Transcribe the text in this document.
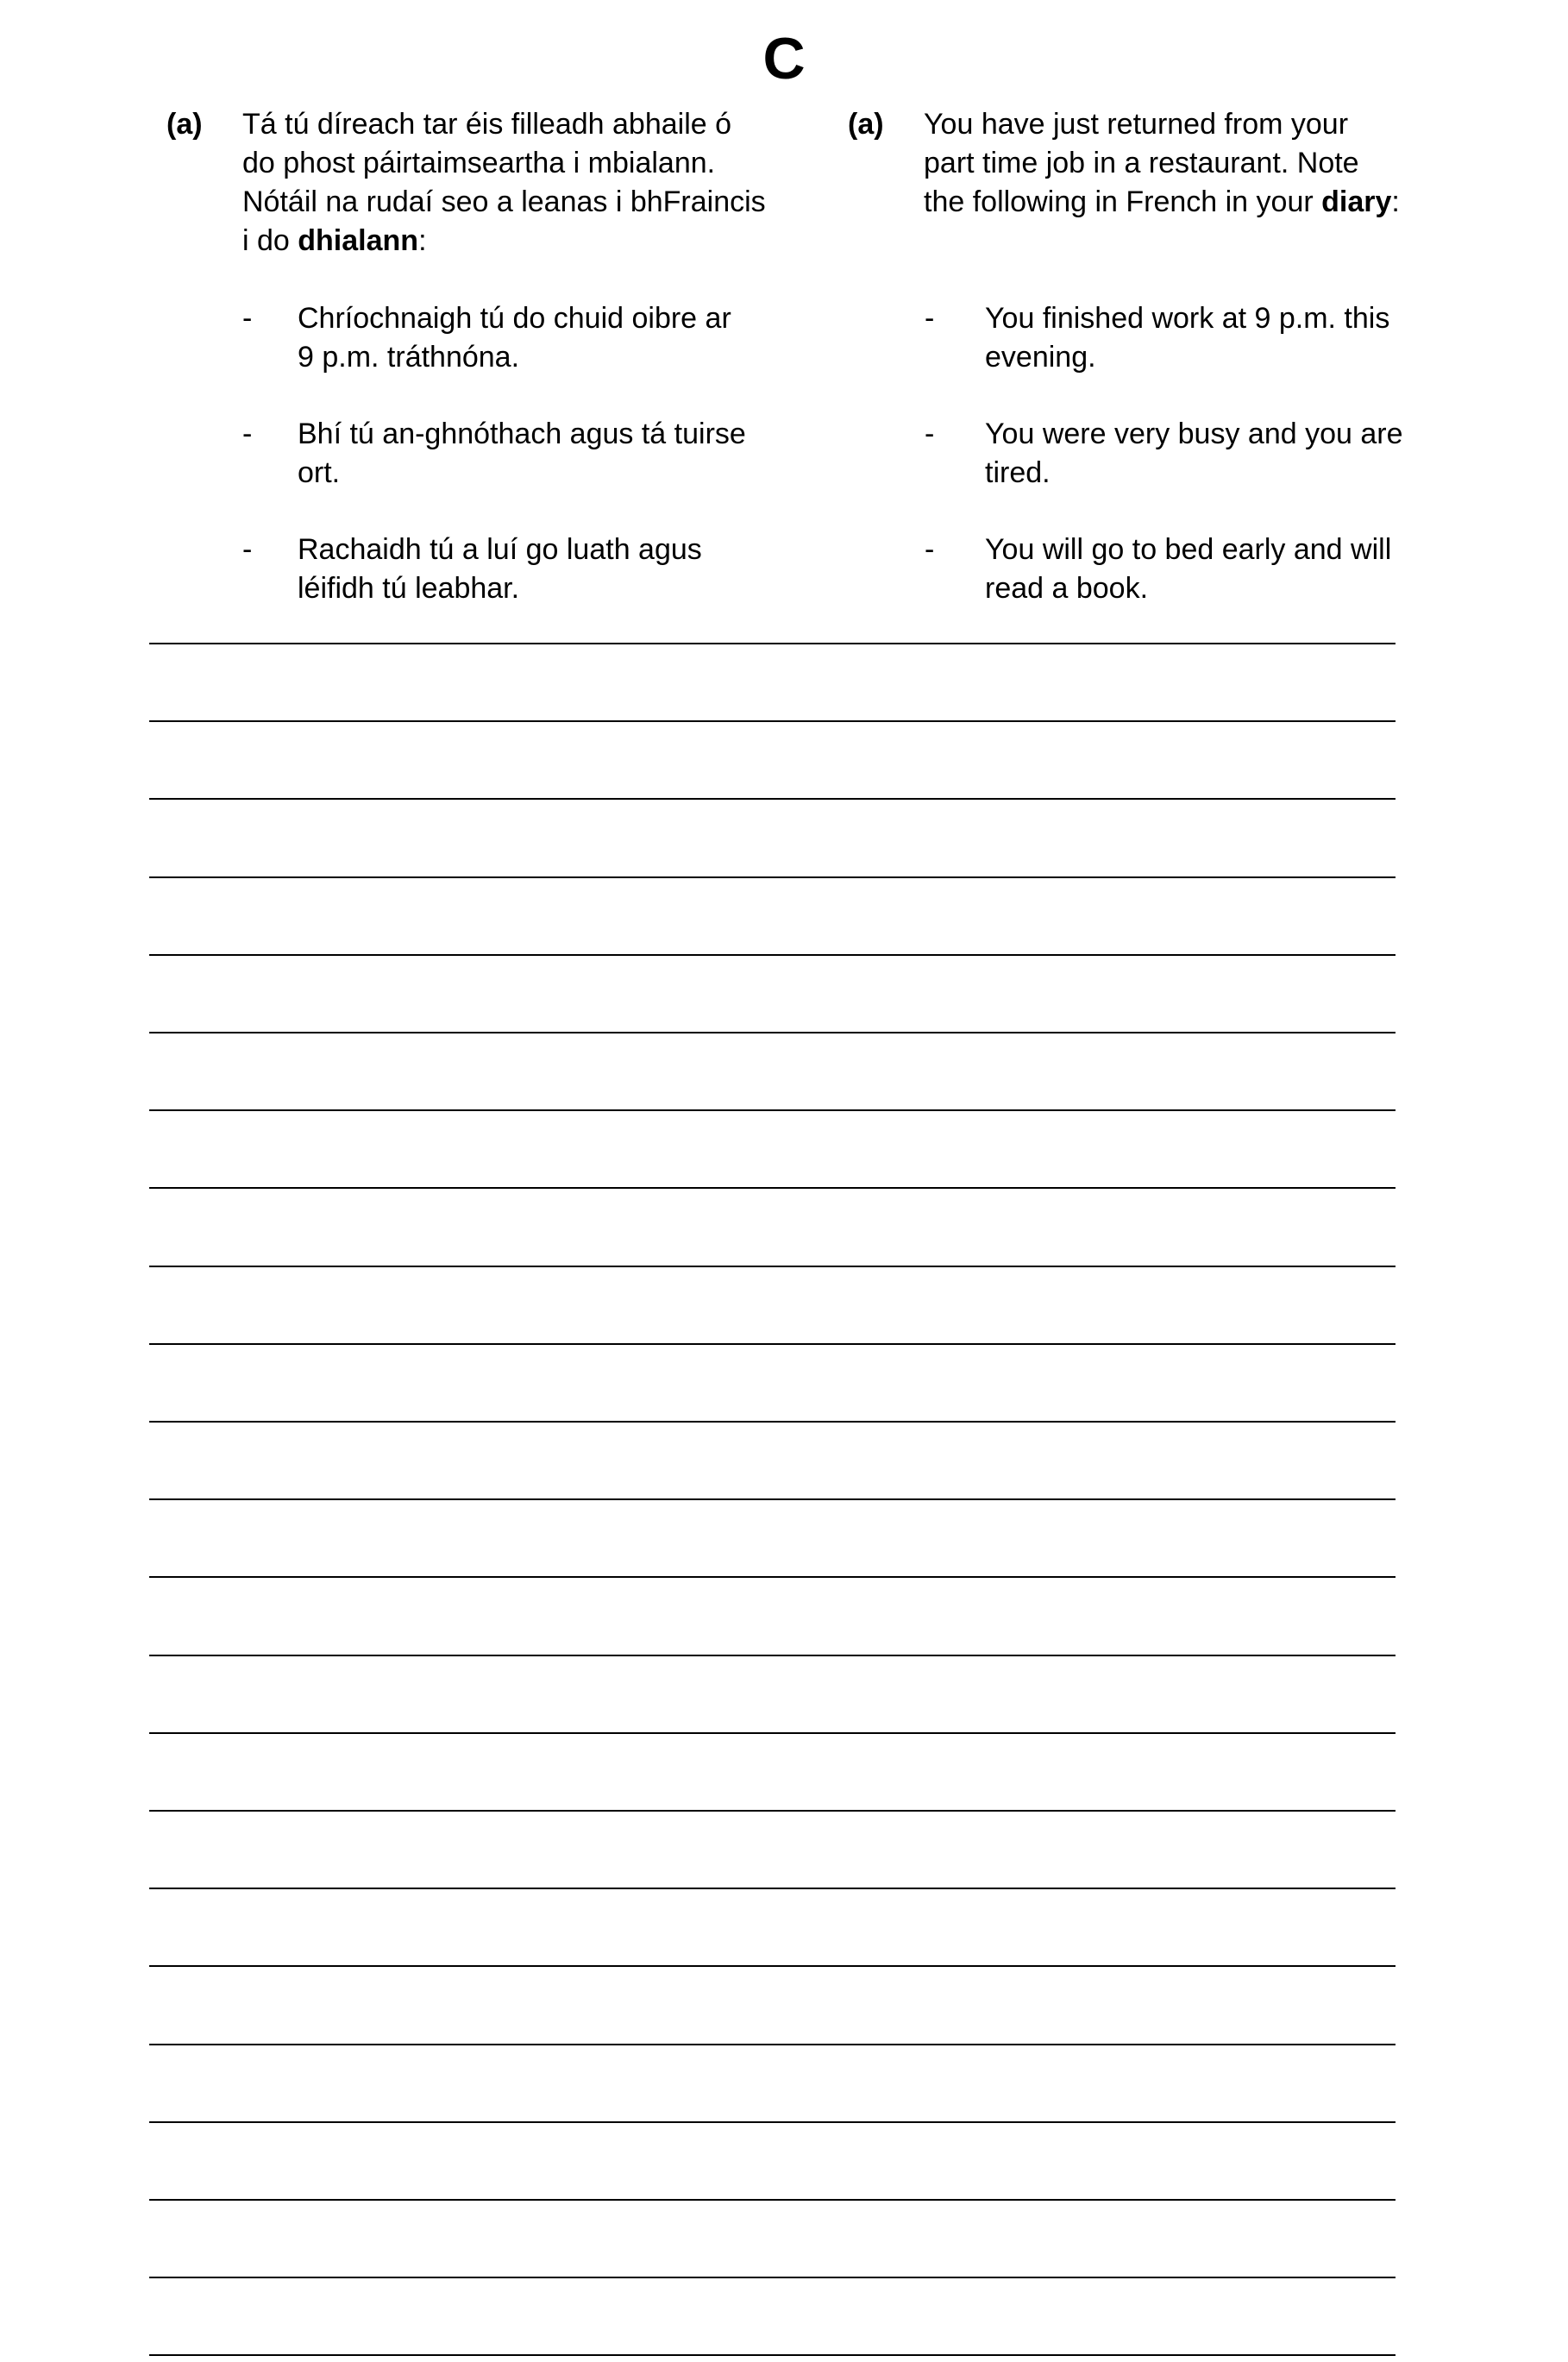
C
(a) Tá tú díreach tar éis filleadh abhaile ó
do phost páirtaimseartha i mbialann.
Nótáil na rudaí seo a leanas i bhFraincis
i do dhialann:
- Chríochnaigh tú do chuid oibre ar
9 p.m. tráthnóna.
- Bhí tú an-ghnóthach agus tá tuirse
ort.
- Rachaidh tú a luí go luath agus
léifidh tú leabhar.
(a) You have just returned from your
part time job in a restaurant. Note
the following in French in your diary:
- You finished work at 9 p.m. this
evening.
- You were very busy and you are
tired.
- You will go to bed early and will
read a book.
